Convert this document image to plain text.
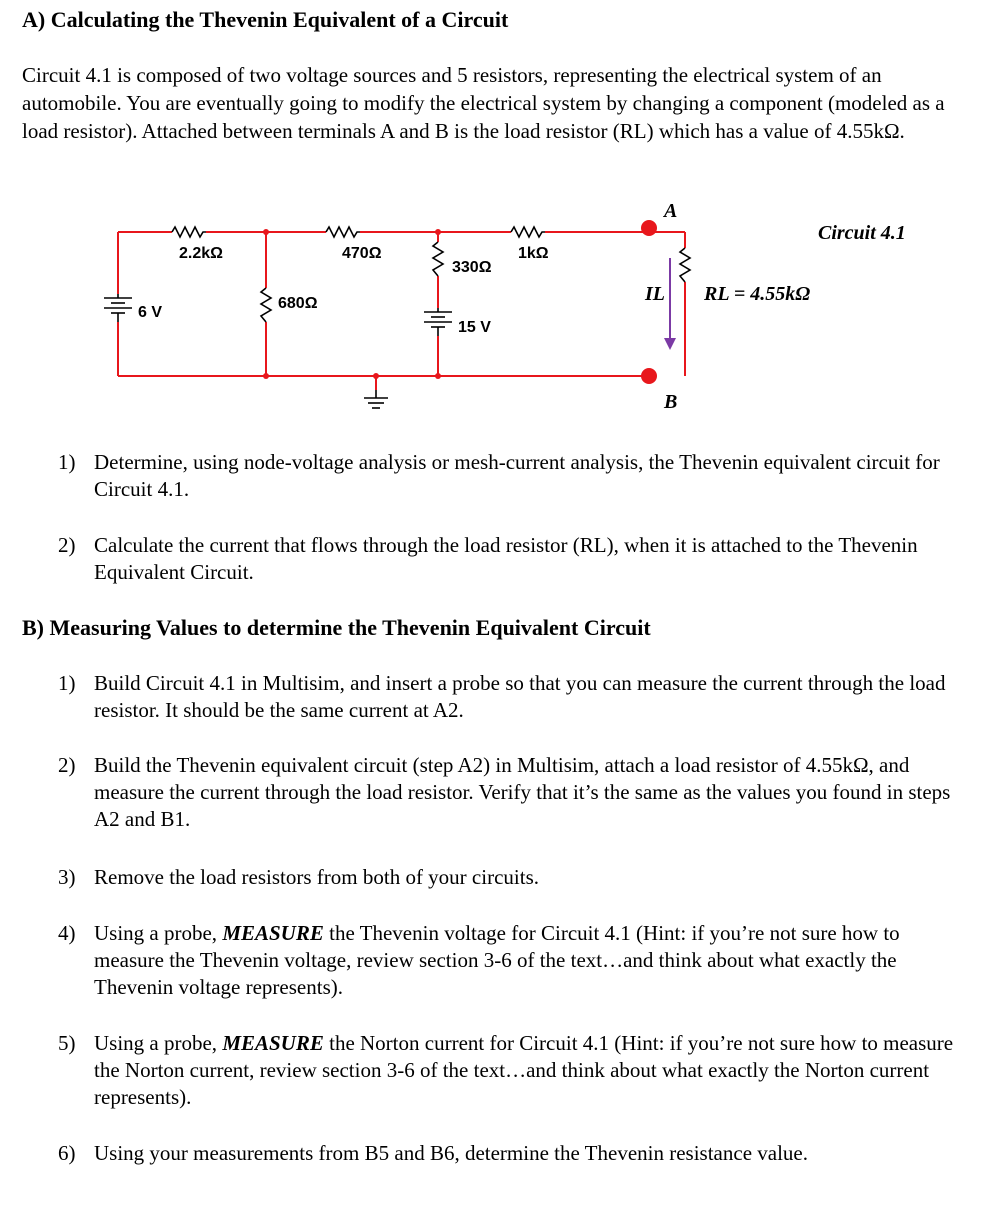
A) Calculating the Thevenin Equivalent of a Circuit

Circuit 4.1 is composed of two voltage sources and 5 resistors, representing the electrical system of an automobile. You are eventually going to modify the electrical system by changing a component (modeled as a load resistor). Attached between terminals A and B is the load resistor (RL) which has a value of 4.55kΩ.

2.2kΩ
680Ω
470Ω
330Ω
1kΩ
6 V
15 V
A
B
IL RL = 4.55kΩ
Circuit 4.1
1) Determine, using node-voltage analysis or mesh-current analysis, the Thevenin equivalent circuit for Circuit 4.1.
2) Calculate the current that flows through the load resistor (RL), when it is attached to the Thevenin Equivalent Circuit.
B) Measuring Values to determine the Thevenin Equivalent Circuit
1) Build Circuit 4.1 in Multisim, and insert a probe so that you can measure the current through the load resistor. It should be the same current at A2.
2) Build the Thevenin equivalent circuit (step A2) in Multisim, attach a load resistor of 4.55kΩ, and measure the current through the load resistor. Verify that it’s the same as the values you found in steps A2 and B1.
3) Remove the load resistors from both of your circuits.
4) Using a probe, MEASURE the Thevenin voltage for Circuit 4.1 (Hint: if you’re not sure how to measure the Thevenin voltage, review section 3-6 of the text…and think about what exactly the Thevenin voltage represents).
5) Using a probe, MEASURE the Norton current for Circuit 4.1 (Hint: if you’re not sure how to measure the Norton current, review section 3-6 of the text…and think about what exactly the Norton current represents).
6) Using your measurements from B5 and B6, determine the Thevenin resistance value.
